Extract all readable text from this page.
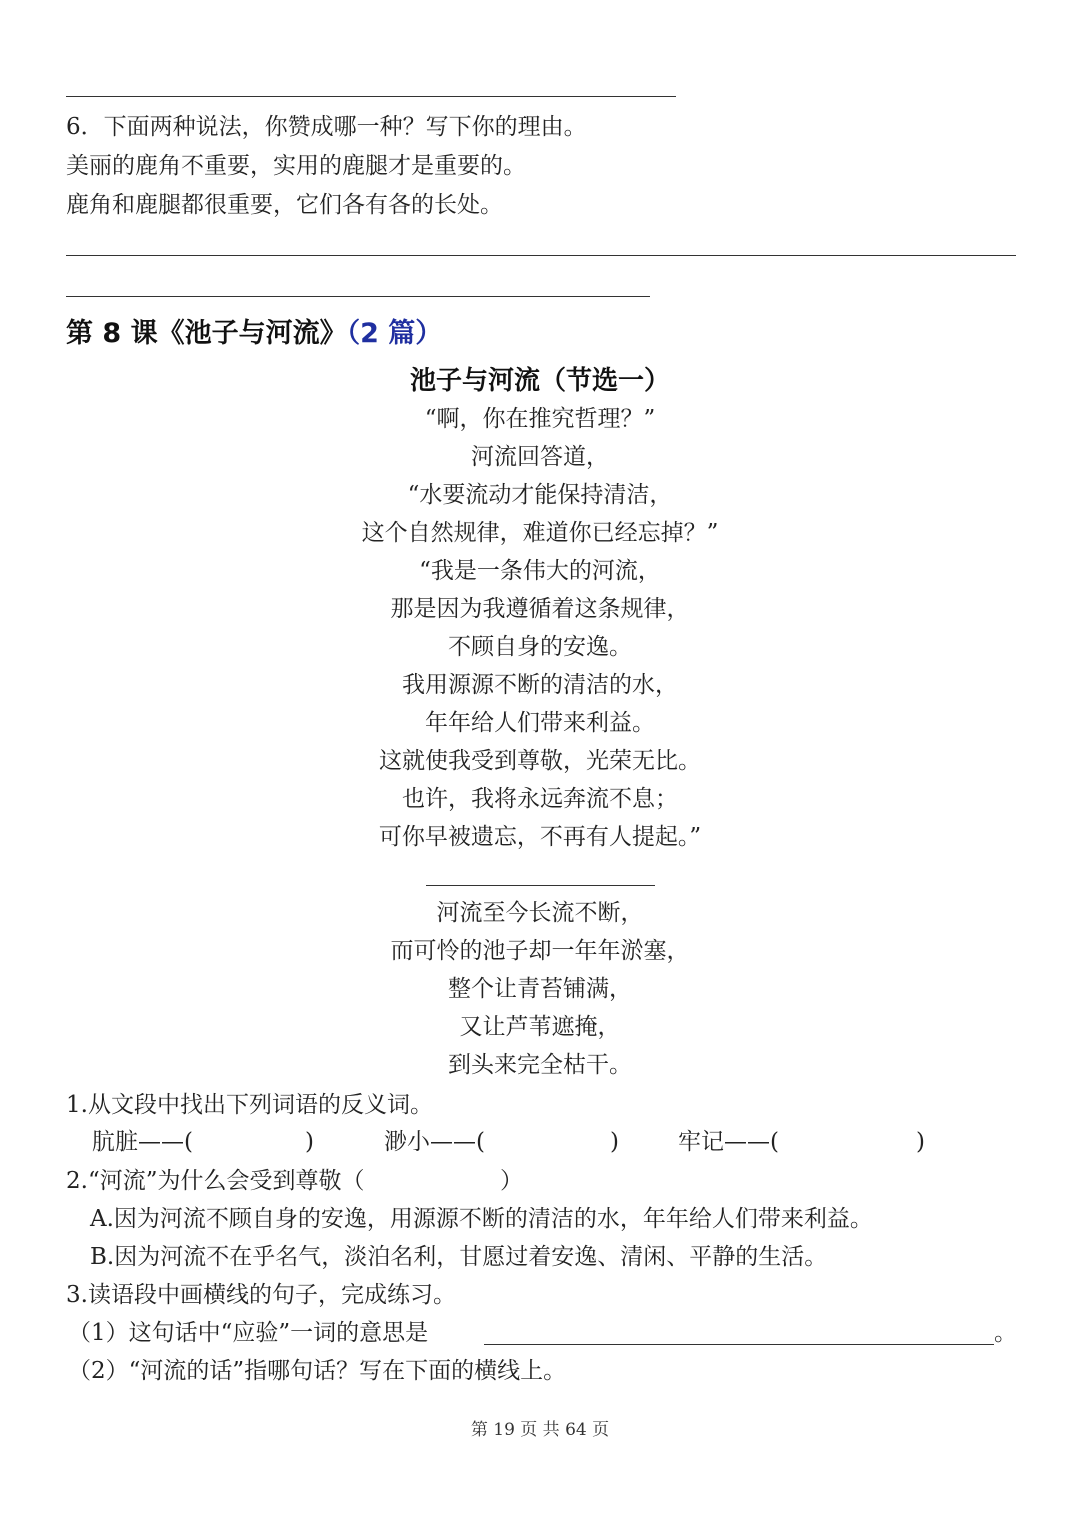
6．下面两种说法，你赞成哪一种？写下你的理由。
美丽的鹿角不重要，实用的鹿腿才是重要的。
鹿角和鹿腿都很重要，它们各有各的长处。
第 8 课《池子与河流》（2 篇）
池子与河流（节选一）
“啊，你在推究哲理？”
河流回答道，
“水要流动才能保持清洁，
这个自然规律，难道你已经忘掉？”
“我是一条伟大的河流，
那是因为我遵循着这条规律，
不顾自身的安逸。
我用源源不断的清洁的水，
年年给人们带来利益。
这就使我受到尊敬，光荣无比。
也许，我将永远奔流不息；
可你早被遗忘，不再有人提起。”
河流至今长流不断，
而可怜的池子却一年年淤塞，
整个让青苔铺满，
又让芦苇遮掩，
到头来完全枯干。
1.从文段中找出下列词语的反义词。
肮脏——(	)	渺小——(	)	牢记——(	)
2.“河流”为什么会受到尊敬（	）
A.因为河流不顾自身的安逸，用源源不断的清洁的水，年年给人们带来利益。
B.因为河流不在乎名气，淡泊名利，甘愿过着安逸、清闲、平静的生活。
3.读语段中画横线的句子，完成练习。
（1）这句话中“应验”一词的意思是	。
（2）“河流的话”指哪句话？写在下面的横线上。
第 19 页 共 64 页
